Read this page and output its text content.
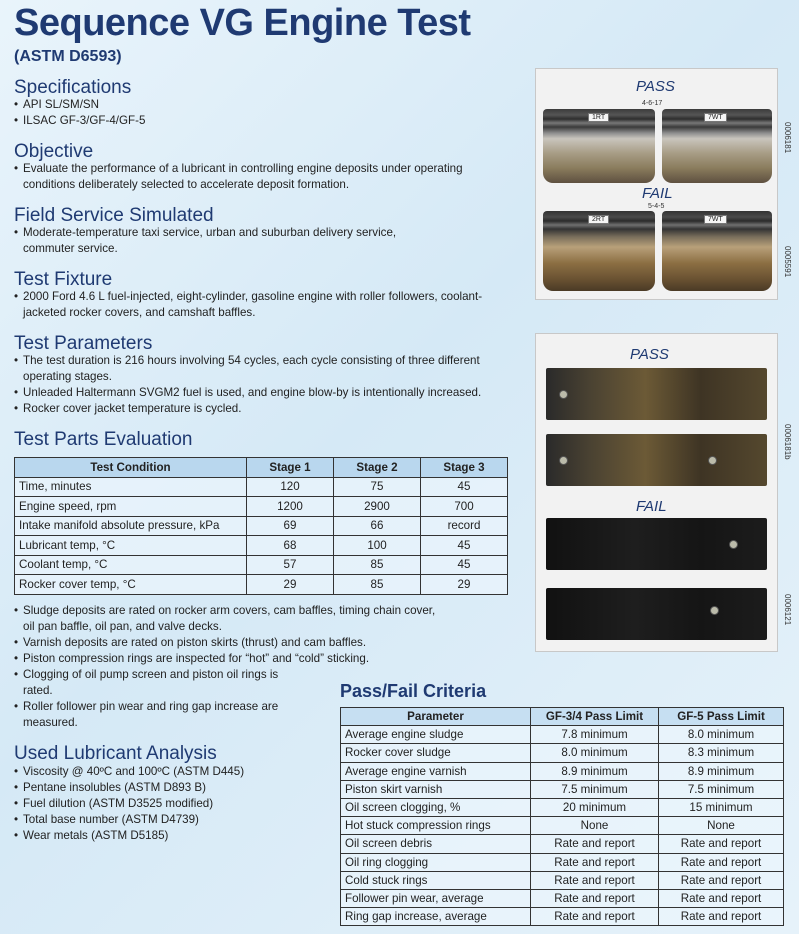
Sequence VG Engine Test
(ASTM D6593)
Specifications
• API SL/SM/SN
• ILSAC GF-3/GF-4/GF-5
Objective
• Evaluate the performance of a lubricant in controlling engine deposits under operating conditions deliberately selected to accelerate deposit formation.
Field Service Simulated
• Moderate-temperature taxi service, urban and suburban delivery service, commuter service.
Test Fixture
• 2000 Ford 4.6 L fuel-injected, eight-cylinder, gasoline engine with roller followers, coolant-jacketed rocker covers, and camshaft baffles.
Test Parameters
• The test duration is 216 hours involving 54 cycles, each cycle consisting of three different operating stages.
• Unleaded Haltermann SVGM2 fuel is used, and engine blow-by is intentionally increased.
• Rocker cover jacket temperature is cycled.
Test Parts Evaluation
Test Condition	Stage 1	Stage 2	Stage 3
Time, minutes	120	75	45
Engine speed, rpm	1200	2900	700
Intake manifold absolute pressure, kPa	69	66	record
Lubricant temp, °C	68	100	45
Coolant temp, °C	57	85	45
Rocker cover temp, °C	29	85	29
• Sludge deposits are rated on rocker arm covers, cam baffles, timing chain cover, oil pan baffle, oil pan, and valve decks.
• Varnish deposits are rated on piston skirts (thrust) and cam baffles.
• Piston compression rings are inspected for “hot” and “cold” sticking.
• Clogging of oil pump screen and piston oil rings is rated.
• Roller follower pin wear and ring gap increase are measured.
Used Lubricant Analysis
• Viscosity @ 40ºC and 100ºC (ASTM D445)
• Pentane insolubles (ASTM D893 B)
• Fuel dilution (ASTM D3525 modified)
• Total base number (ASTM D4739)
• Wear metals (ASTM D5185)
Pass/Fail Criteria
Parameter	GF-3/4 Pass Limit	GF-5 Pass Limit
Average engine sludge	7.8 minimum	8.0 minimum
Rocker cover sludge	8.0 minimum	8.3 minimum
Average engine varnish	8.9 minimum	8.9 minimum
Piston skirt varnish	7.5 minimum	7.5 minimum
Oil screen clogging, %	20 minimum	15 minimum
Hot stuck compression rings	None	None
Oil screen debris	Rate and report	Rate and report
Oil ring clogging	Rate and report	Rate and report
Cold stuck rings	Rate and report	Rate and report
Follower pin wear, average	Rate and report	Rate and report
Ring gap increase, average	Rate and report	Rate and report
PASS
4-6-17
1RT	7WT
FAIL
5-4-5
2RT	7WT
0006181
0005591
PASS
FAIL
0006181b
0006121
